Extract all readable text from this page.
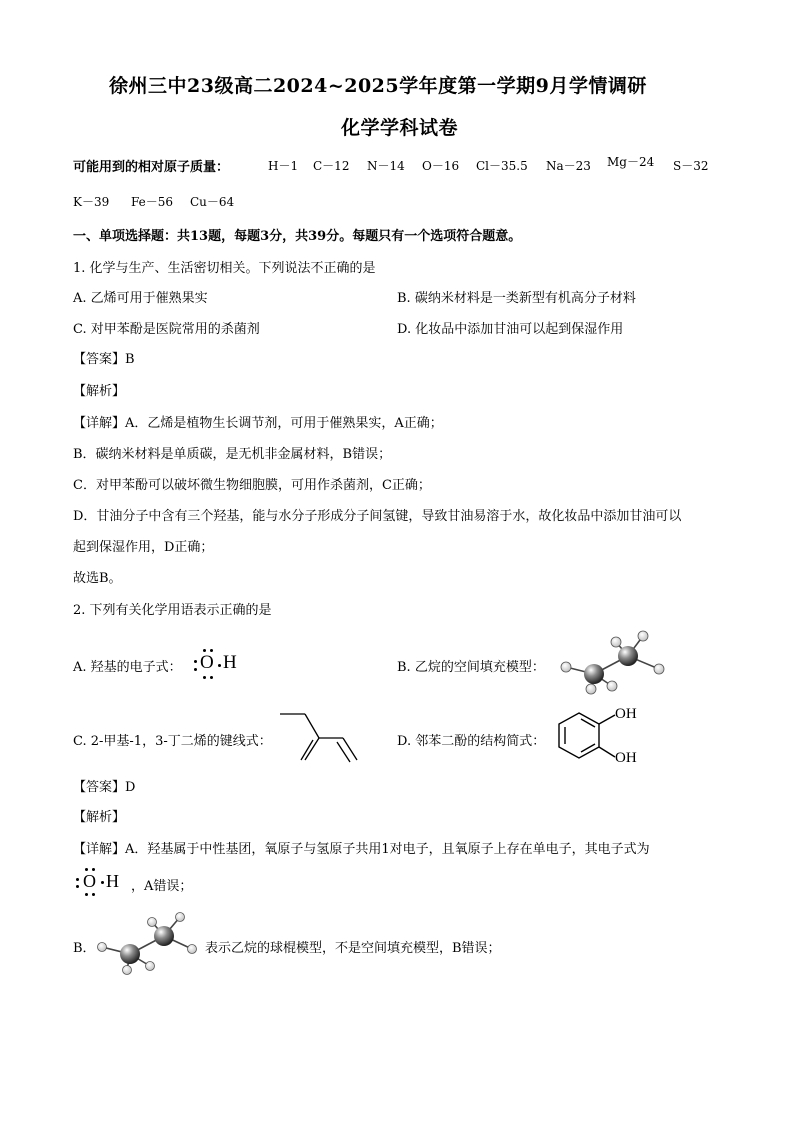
徐州三中23级高二2024~2025学年度第一学期9月学情调研
化学学科试卷
可能用到的相对原子质量：	H－1 C－12 N－14 O－16 Cl－35.5 Na－23 Mg－24 S－32
K－39 Fe－56 Cu－64
一、单项选择题：共13题，每题3分，共39分。每题只有一个选项符合题意。
1. 化学与生产、生活密切相关。下列说法不正确的是
A. 乙烯可用于催熟果实	B. 碳纳米材料是一类新型有机高分子材料
C. 对甲苯酚是医院常用的杀菌剂	D. 化妆品中添加甘油可以起到保湿作用
【答案】B
【解析】
【详解】A．乙烯是植物生长调节剂，可用于催熟果实，A正确；
B．碳纳米材料是单质碳，是无机非金属材料，B错误；
C．对甲苯酚可以破坏微生物细胞膜，可用作杀菌剂，C正确；
D．甘油分子中含有三个羟基，能与水分子形成分子间氢键，导致甘油易溶于水，故化妆品中添加甘油可以
起到保湿作用，D正确；
故选B。
2. 下列有关化学用语表示正确的是
A. 羟基的电子式： O H	B. 乙烷的空间填充模型：
C. 2-甲基-1，3-丁二烯的键线式：	D. 邻苯二酚的结构简式：
OH
OH
【答案】D
【解析】
【详解】A．羟基属于中性基团，氧原子与氢原子共用1对电子，且氧原子上存在单电子，其电子式为
O H ，A错误；
B．	表示乙烷的球棍模型，不是空间填充模型，B错误；
